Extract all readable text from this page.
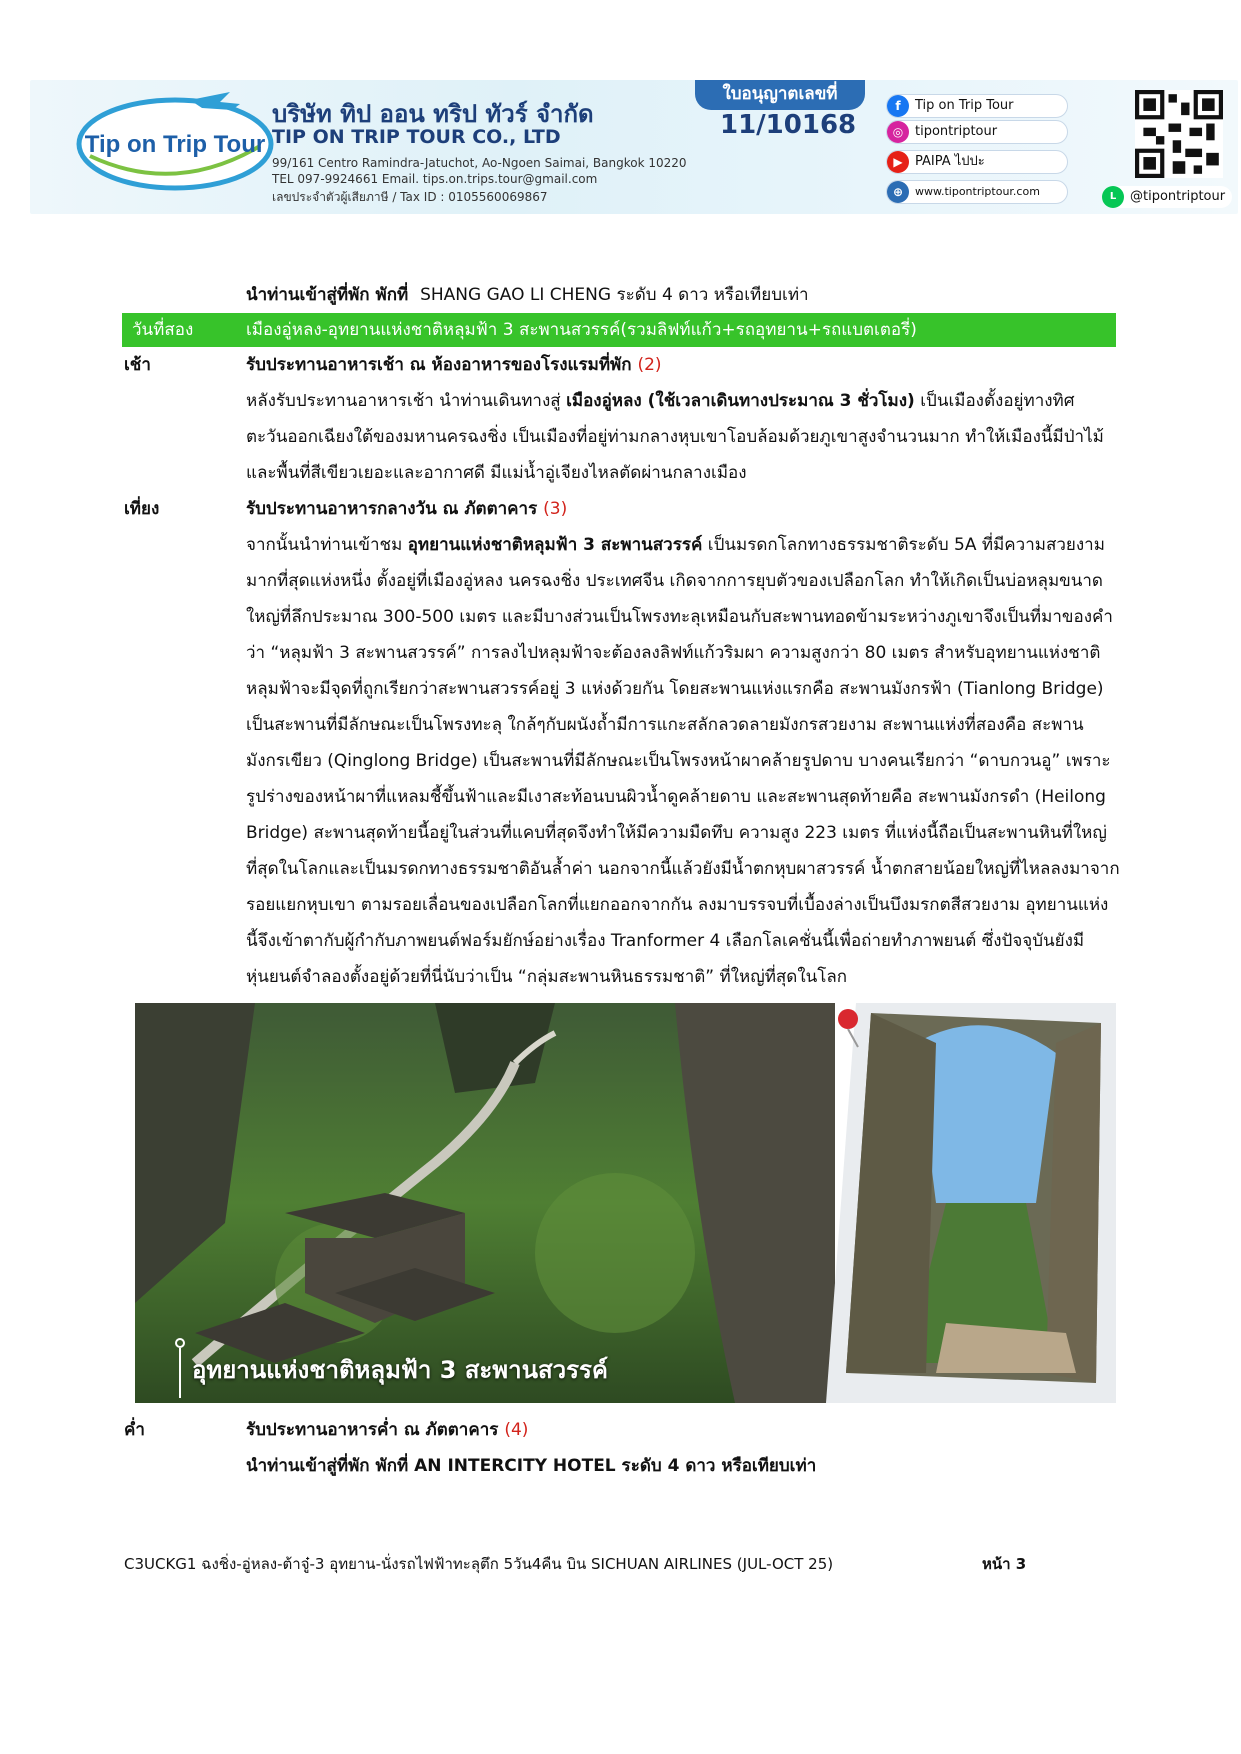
Tip on Trip Tour
บริษัท ทิป ออน ทริป ทัวร์ จำกัด
TIP ON TRIP TOUR CO., LTD
99/161 Centro Ramindra-Jatuchot, Ao-Ngoen Saimai, Bangkok 10220
TEL 097-9924661 Email. tips.on.trips.tour@gmail.com
เลขประจำตัวผู้เสียภาษี / Tax ID : 0105560069867
ใบอนุญาตเลขที่
11/10168
f Tip on Trip Tour
◎ tipontriptour
▶ PAIPA ไปปะ
⊕ www.tipontriptour.com	L @tipontriptour
นำท่านเข้าสู่ที่พัก พักที่ SHANG GAO LI CHENG ระดับ 4 ดาว หรือเทียบเท่า
วันที่สอง	เมืองอู่หลง-อุทยานแห่งชาติหลุมฟ้า 3 สะพานสวรรค์(รวมลิฟท์แก้ว+รถอุทยาน+รถแบตเตอรี่)
เช้า	รับประทานอาหารเช้า ณ ห้องอาหารของโรงแรมที่พัก (2)
หลังรับประทานอาหารเช้า นำท่านเดินทางสู่ เมืองอู่หลง (ใช้เวลาเดินทางประมาณ 3 ชั่วโมง) เป็นเมืองตั้งอยู่ทางทิศ
ตะวันออกเฉียงใต้ของมหานครฉงชิ่ง เป็นเมืองที่อยู่ท่ามกลางหุบเขาโอบล้อมด้วยภูเขาสูงจำนวนมาก ทำให้เมืองนี้มีป่าไม้
และพื้นที่สีเขียวเยอะและอากาศดี มีแม่น้ำอู่เจียงไหลตัดผ่านกลางเมือง
เที่ยง	รับประทานอาหารกลางวัน ณ ภัตตาคาร (3)
จากนั้นนำท่านเข้าชม อุทยานแห่งชาติหลุมฟ้า 3 สะพานสวรรค์ เป็นมรดกโลกทางธรรมชาติระดับ 5A ที่มีความสวยงาม
มากที่สุดแห่งหนึ่ง ตั้งอยู่ที่เมืองอู่หลง นครฉงชิ่ง ประเทศจีน เกิดจากการยุบตัวของเปลือกโลก ทำให้เกิดเป็นบ่อหลุมขนาด
ใหญ่ที่ลึกประมาณ 300-500 เมตร และมีบางส่วนเป็นโพรงทะลุเหมือนกับสะพานทอดข้ามระหว่างภูเขาจึงเป็นที่มาของคำ
ว่า “หลุมฟ้า 3 สะพานสวรรค์” การลงไปหลุมฟ้าจะต้องลงลิฟท์แก้วริมผา ความสูงกว่า 80 เมตร สำหรับอุทยานแห่งชาติ
หลุมฟ้าจะมีจุดที่ถูกเรียกว่าสะพานสวรรค์อยู่ 3 แห่งด้วยกัน โดยสะพานแห่งแรกคือ สะพานมังกรฟ้า (Tianlong Bridge)
เป็นสะพานที่มีลักษณะเป็นโพรงทะลุ ใกล้ๆกับผนังถ้ำมีการแกะสลักลวดลายมังกรสวยงาม สะพานแห่งที่สองคือ สะพาน
มังกรเขียว (Qinglong Bridge) เป็นสะพานที่มีลักษณะเป็นโพรงหน้าผาคล้ายรูปดาบ บางคนเรียกว่า “ดาบกวนอู” เพราะ
รูปร่างของหน้าผาที่แหลมชี้ขึ้นฟ้าและมีเงาสะท้อนบนผิวน้ำดูคล้ายดาบ และสะพานสุดท้ายคือ สะพานมังกรดำ (Heilong
Bridge) สะพานสุดท้ายนี้อยู่ในส่วนที่แคบที่สุดจึงทำให้มีความมืดทึบ ความสูง 223 เมตร ที่แห่งนี้ถือเป็นสะพานหินที่ใหญ่
ที่สุดในโลกและเป็นมรดกทางธรรมชาติอันล้ำค่า นอกจากนี้แล้วยังมีน้ำตกหุบผาสวรรค์ น้ำตกสายน้อยใหญ่ที่ไหลลงมาจาก
รอยแยกหุบเขา ตามรอยเลื่อนของเปลือกโลกที่แยกออกจากกัน ลงมาบรรจบที่เบื้องล่างเป็นบึงมรกตสีสวยงาม อุทยานแห่ง
นี้จึงเข้าตากับผู้กำกับภาพยนต์ฟอร์มยักษ์อย่างเรื่อง Tranformer 4 เลือกโลเคชั่นนี้เพื่อถ่ายทำภาพยนต์ ซึ่งปัจจุบันยังมี
หุ่นยนต์จำลองตั้งอยู่ด้วยที่นี่นับว่าเป็น “กลุ่มสะพานหินธรรมชาติ” ที่ใหญ่ที่สุดในโลก
อุทยานแห่งชาติหลุมฟ้า 3 สะพานสวรรค์
ค่ำ	รับประทานอาหารค่ำ ณ ภัตตาคาร (4)
นำท่านเข้าสู่ที่พัก พักที่ AN INTERCITY HOTEL ระดับ 4 ดาว หรือเทียบเท่า
C3UCKG1 ฉงชิ่ง-อู่หลง-ต้าจู๋-3 อุทยาน-นั่งรถไฟฟ้าทะลุตึก 5วัน4คืน บิน SICHUAN AIRLINES (JUL-OCT 25)	หน้า 3
